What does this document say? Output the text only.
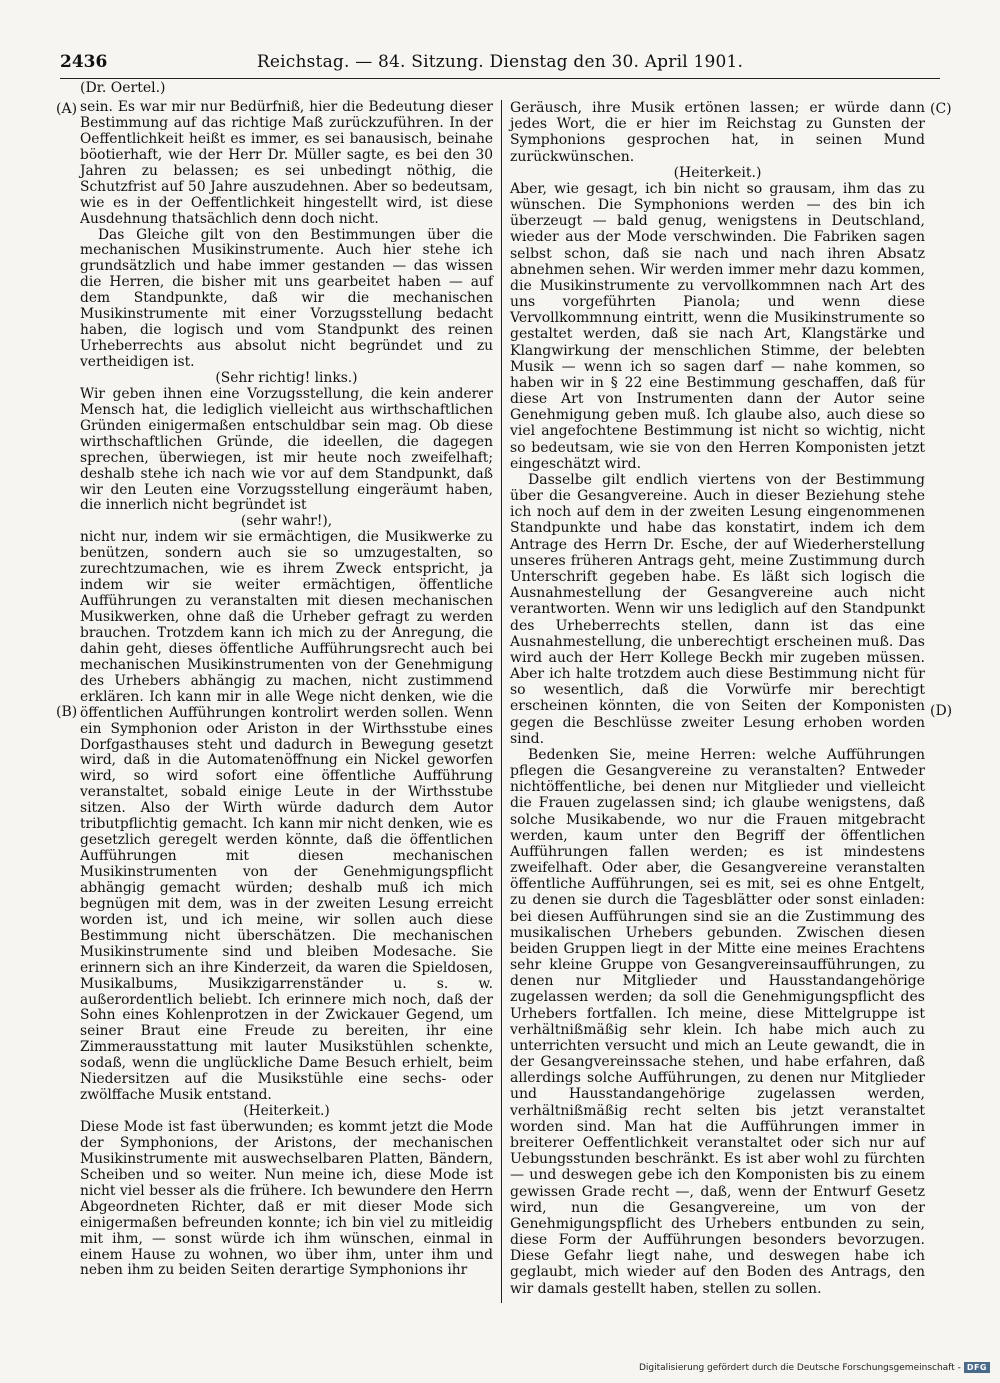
2436	Reichstag. — 84. Sitzung. Dienstag den 30. April 1901.
(Dr. Oertel.)
(A)
(B)
(C)
(D)

sein. Es war mir nur Bedürfniß, hier die Bedeutung dieser Bestimmung auf das richtige Maß zurückzuführen. In der Oeffentlichkeit heißt es immer, es sei banausisch, beinahe böotierhaft, wie der Herr Dr. Müller sagte, es bei den 30 Jahren zu belassen; es sei unbedingt nöthig, die Schutzfrist auf 50 Jahre auszudehnen. Aber so bedeutsam, wie es in der Oeffentlichkeit hingestellt wird, ist diese Ausdehnung thatsächlich denn doch nicht.

Das Gleiche gilt von den Bestimmungen über die mechanischen Musikinstrumente. Auch hier stehe ich grundsätzlich und habe immer gestanden — das wissen die Herren, die bisher mit uns gearbeitet haben — auf dem Standpunkte, daß wir die mechanischen Musikinstrumente mit einer Vorzugsstellung bedacht haben, die logisch und vom Standpunkt des reinen Urheberrechts aus absolut nicht begründet und zu vertheidigen ist.

(Sehr richtig! links.)

Wir geben ihnen eine Vorzugsstellung, die kein anderer Mensch hat, die lediglich vielleicht aus wirthschaftlichen Gründen einigermaßen entschuldbar sein mag. Ob diese wirthschaftlichen Gründe, die ideellen, die dagegen sprechen, überwiegen, ist mir heute noch zweifelhaft; deshalb stehe ich nach wie vor auf dem Standpunkt, daß wir den Leuten eine Vorzugsstellung eingeräumt haben, die innerlich nicht begründet ist

(sehr wahr!),

nicht nur, indem wir sie ermächtigen, die Musikwerke zu benützen, sondern auch sie so umzugestalten, so zurechtzumachen, wie es ihrem Zweck entspricht, ja indem wir sie weiter ermächtigen, öffentliche Aufführungen zu veranstalten mit diesen mechanischen Musikwerken, ohne daß die Urheber gefragt zu werden brauchen. Trotzdem kann ich mich zu der Anregung, die dahin geht, dieses öffentliche Aufführungsrecht auch bei mechanischen Musikinstrumenten von der Genehmigung des Urhebers abhängig zu machen, nicht zustimmend erklären. Ich kann mir in alle Wege nicht denken, wie die öffentlichen Aufführungen kontrolirt werden sollen. Wenn ein Symphonion oder Ariston in der Wirthsstube eines Dorfgasthauses steht und dadurch in Bewegung gesetzt wird, daß in die Automatenöffnung ein Nickel geworfen wird, so wird sofort eine öffentliche Aufführung veranstaltet, sobald einige Leute in der Wirthsstube sitzen. Also der Wirth würde dadurch dem Autor tributpflichtig gemacht. Ich kann mir nicht denken, wie es gesetzlich geregelt werden könnte, daß die öffentlichen Aufführungen mit diesen mechanischen Musikinstrumenten von der Genehmigungspflicht abhängig gemacht würden; deshalb muß ich mich begnügen mit dem, was in der zweiten Lesung erreicht worden ist, und ich meine, wir sollen auch diese Bestimmung nicht überschätzen. Die mechanischen Musikinstrumente sind und bleiben Modesache. Sie erinnern sich an ihre Kinderzeit, da waren die Spieldosen, Musikalbums, Musikzigarrenständer u. s. w. außerordentlich beliebt. Ich erinnere mich noch, daß der Sohn eines Kohlenprotzen in der Zwickauer Gegend, um seiner Braut eine Freude zu bereiten, ihr eine Zimmerausstattung mit lauter Musikstühlen schenkte, sodaß, wenn die unglückliche Dame Besuch erhielt, beim Niedersitzen auf die Musikstühle eine sechs- oder zwölffache Musik entstand.

(Heiterkeit.)

Diese Mode ist fast überwunden; es kommt jetzt die Mode der Symphonions, der Aristons, der mechanischen Musikinstrumente mit auswechselbaren Platten, Bändern, Scheiben und so weiter. Nun meine ich, diese Mode ist nicht viel besser als die frühere. Ich bewundere den Herrn Abgeordneten Richter, daß er mit dieser Mode sich einigermaßen befreunden konnte; ich bin viel zu mitleidig mit ihm, — sonst würde ich ihm wünschen, einmal in einem Hause zu wohnen, wo über ihm, unter ihm und neben ihm zu beiden Seiten derartige Symphonions ihr

Geräusch, ihre Musik ertönen lassen; er würde dann jedes Wort, die er hier im Reichstag zu Gunsten der Symphonions gesprochen hat, in seinen Mund zurückwünschen.

(Heiterkeit.)

Aber, wie gesagt, ich bin nicht so grausam, ihm das zu wünschen. Die Symphonions werden — des bin ich überzeugt — bald genug, wenigstens in Deutschland, wieder aus der Mode verschwinden. Die Fabriken sagen selbst schon, daß sie nach und nach ihren Absatz abnehmen sehen. Wir werden immer mehr dazu kommen, die Musikinstrumente zu vervollkommnen nach Art des uns vorgeführten Pianola; und wenn diese Vervollkommnung eintritt, wenn die Musikinstrumente so gestaltet werden, daß sie nach Art, Klangstärke und Klangwirkung der menschlichen Stimme, der belebten Musik — wenn ich so sagen darf — nahe kommen, so haben wir in § 22 eine Bestimmung geschaffen, daß für diese Art von Instrumenten dann der Autor seine Genehmigung geben muß. Ich glaube also, auch diese so viel angefochtene Bestimmung ist nicht so wichtig, nicht so bedeutsam, wie sie von den Herren Komponisten jetzt eingeschätzt wird.

Dasselbe gilt endlich viertens von der Bestimmung über die Gesangvereine. Auch in dieser Beziehung stehe ich noch auf dem in der zweiten Lesung eingenommenen Standpunkte und habe das konstatirt, indem ich dem Antrage des Herrn Dr. Esche, der auf Wiederherstellung unseres früheren Antrags geht, meine Zustimmung durch Unterschrift gegeben habe. Es läßt sich logisch die Ausnahmestellung der Gesangvereine auch nicht verantworten. Wenn wir uns lediglich auf den Standpunkt des Urheberrechts stellen, dann ist das eine Ausnahmestellung, die unberechtigt erscheinen muß. Das wird auch der Herr Kollege Beckh mir zugeben müssen. Aber ich halte trotzdem auch diese Bestimmung nicht für so wesentlich, daß die Vorwürfe mir berechtigt erscheinen könnten, die von Seiten der Komponisten gegen die Beschlüsse zweiter Lesung erhoben worden sind.

Bedenken Sie, meine Herren: welche Aufführungen pflegen die Gesangvereine zu veranstalten? Entweder nichtöffentliche, bei denen nur Mitglieder und vielleicht die Frauen zugelassen sind; ich glaube wenigstens, daß solche Musikabende, wo nur die Frauen mitgebracht werden, kaum unter den Begriff der öffentlichen Aufführungen fallen werden; es ist mindestens zweifelhaft. Oder aber, die Gesangvereine veranstalten öffentliche Aufführungen, sei es mit, sei es ohne Entgelt, zu denen sie durch die Tagesblätter oder sonst einladen: bei diesen Aufführungen sind sie an die Zustimmung des musikalischen Urhebers gebunden. Zwischen diesen beiden Gruppen liegt in der Mitte eine meines Erachtens sehr kleine Gruppe von Gesangvereinsaufführungen, zu denen nur Mitglieder und Hausstandangehörige zugelassen werden; da soll die Genehmigungspflicht des Urhebers fortfallen. Ich meine, diese Mittelgruppe ist verhältnißmäßig sehr klein. Ich habe mich auch zu unterrichten versucht und mich an Leute gewandt, die in der Gesangvereinssache stehen, und habe erfahren, daß allerdings solche Aufführungen, zu denen nur Mitglieder und Hausstandangehörige zugelassen werden, verhältnißmäßig recht selten bis jetzt veranstaltet worden sind. Man hat die Aufführungen immer in breiterer Oeffentlichkeit veranstaltet oder sich nur auf Uebungsstunden beschränkt. Es ist aber wohl zu fürchten — und deswegen gebe ich den Komponisten bis zu einem gewissen Grade recht —, daß, wenn der Entwurf Gesetz wird, nun die Gesangvereine, um von der Genehmigungspflicht des Urhebers entbunden zu sein, diese Form der Aufführungen besonders bevorzugen. Diese Gefahr liegt nahe, und deswegen habe ich geglaubt, mich wieder auf den Boden des Antrags, den wir damals gestellt haben, stellen zu sollen.

Digitalisierung gefördert durch die Deutsche Forschungsgemeinschaft - DFG
